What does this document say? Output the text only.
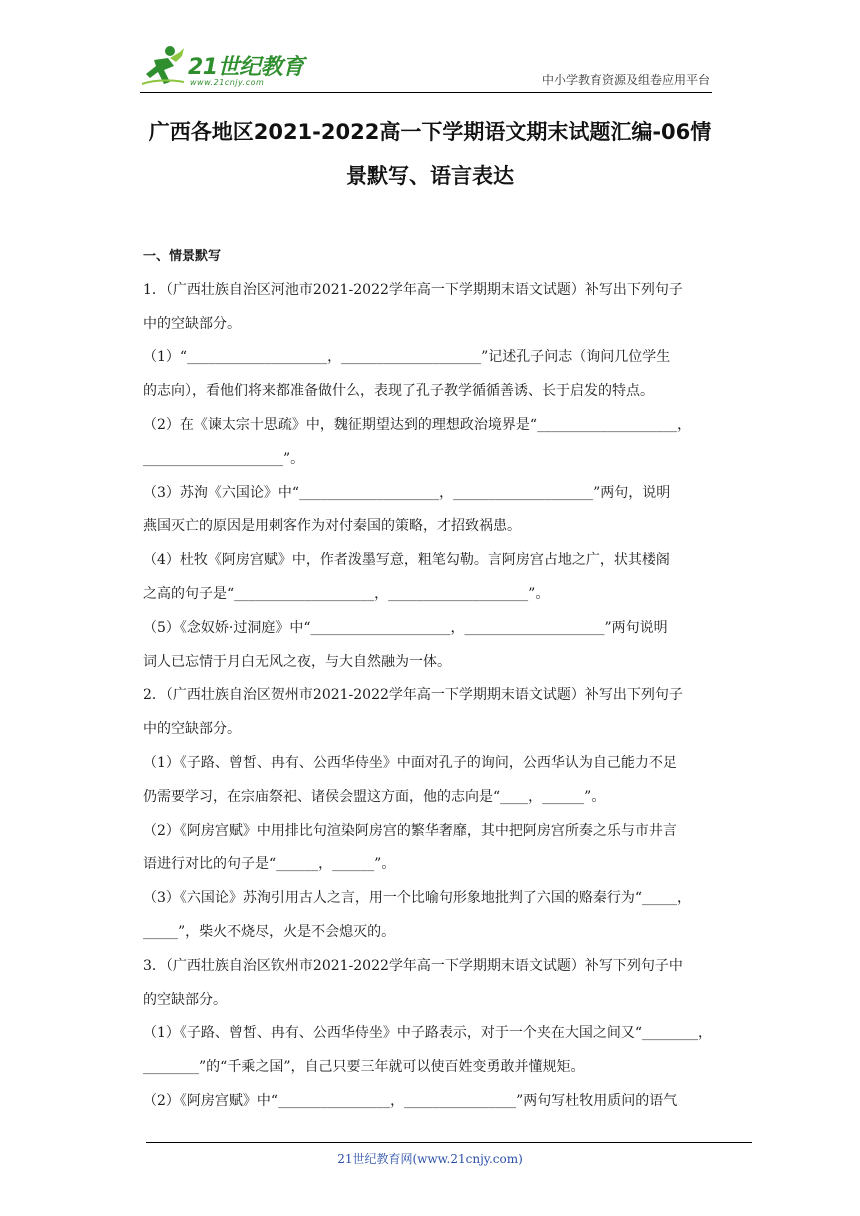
21世纪教育
www.21cnjy.com	中小学教育资源及组卷应用平台
广西各地区2021-2022高一下学期语文期末试题汇编-06情
景默写、语言表达
一、情景默写
1．（广西壮族自治区河池市2021-2022学年高一下学期期末语文试题）补写出下列句子
中的空缺部分。
（1）“____________________，____________________”记述孔子问志（询问几位学生
的志向），看他们将来都准备做什么，表现了孔子教学循循善诱、长于启发的特点。
（2）在《谏太宗十思疏》中，魏征期望达到的理想政治境界是“____________________，
____________________”。
（3）苏洵《六国论》中“____________________，____________________”两句，说明
燕国灭亡的原因是用刺客作为对付秦国的策略，才招致祸患。
（4）杜牧《阿房宫赋》中，作者泼墨写意，粗笔勾勒。言阿房宫占地之广，状其楼阁
之高的句子是“____________________，____________________”。
（5）《念奴娇·过洞庭》中“____________________，____________________”两句说明
词人已忘情于月白无风之夜，与大自然融为一体。
2．（广西壮族自治区贺州市2021-2022学年高一下学期期末语文试题）补写出下列句子
中的空缺部分。
（1）《子路、曾皙、冉有、公西华侍坐》中面对孔子的询问，公西华认为自己能力不足
仍需要学习，在宗庙祭祀、诸侯会盟这方面，他的志向是“____，______”。
（2）《阿房宫赋》中用排比句渲染阿房宫的繁华奢靡，其中把阿房宫所奏之乐与市井言
语进行对比的句子是“______，______”。
（3）《六国论》苏洵引用古人之言，用一个比喻句形象地批判了六国的赂秦行为“_____，
_____”，柴火不烧尽，火是不会熄灭的。
3．（广西壮族自治区钦州市2021-2022学年高一下学期期末语文试题）补写下列句子中
的空缺部分。
（1）《子路、曾皙、冉有、公西华侍坐》中子路表示，对于一个夹在大国之间又“________，
________”的“千乘之国”，自己只要三年就可以使百姓变勇敢并懂规矩。
（2）《阿房宫赋》中“________________，________________”两句写杜牧用质问的语气
21世纪教育网(www.21cnjy.com)
